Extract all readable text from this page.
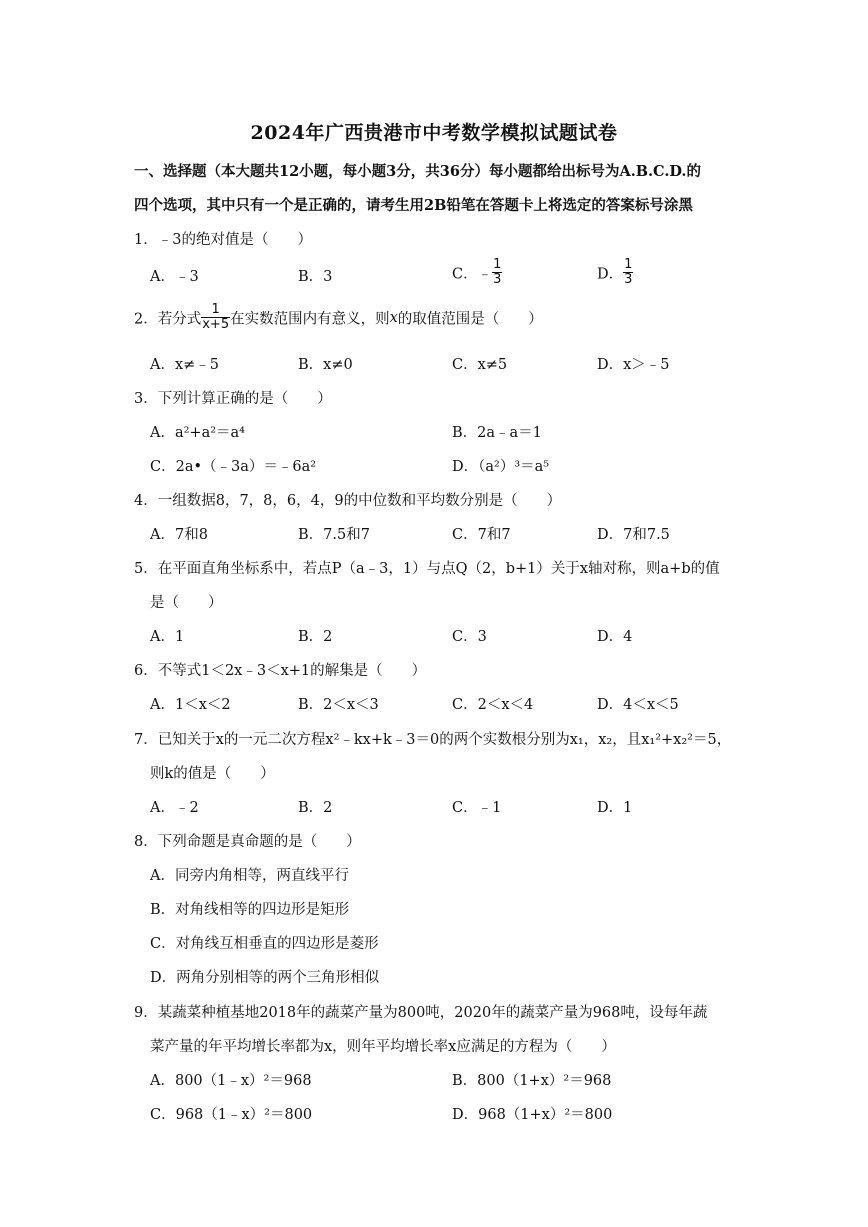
2024年广西贵港市中考数学模拟试题试卷
一、选择题（本大题共12小题，每小题3分，共36分）每小题都给出标号为A.B.C.D.的
四个选项，其中只有一个是正确的，请考生用2B铅笔在答题卡上将选定的答案标号涂黑
1．﹣3的绝对值是（　　）
A．﹣3	B．3	C．﹣ $\frac{1}{3}$	D． $\frac{1}{3}$
2．若分式 $\frac{1}{x+5}$ 在实数范围内有意义，则x的取值范围是（　　）
A．x≠﹣5	B．x≠0	C．x≠5	D．x＞﹣5
3．下列计算正确的是（　　）
A．a²+a²＝a⁴	B．2a﹣a＝1
C．2a•（﹣3a）＝﹣6a²	D．（a²）³＝a⁵
4．一组数据8，7，8，6，4，9的中位数和平均数分别是（　　）
A．7和8	B．7.5和7	C．7和7	D．7和7.5
5．在平面直角坐标系中，若点P（a﹣3，1）与点Q（2，b+1）关于x轴对称，则a+b的值
是（　　）
A．1	B．2	C．3	D．4
6．不等式1＜2x﹣3＜x+1的解集是（　　）
A．1＜x＜2	B．2＜x＜3	C．2＜x＜4	D．4＜x＜5
7．已知关于x的一元二次方程x²﹣kx+k﹣3＝0的两个实数根分别为x₁，x₂，且x₁²+x₂²＝5，
则k的值是（　　）
A．﹣2	B．2	C．﹣1	D．1
8．下列命题是真命题的是（　　）
A．同旁内角相等，两直线平行
B．对角线相等的四边形是矩形
C．对角线互相垂直的四边形是菱形
D．两角分别相等的两个三角形相似
9．某蔬菜种植基地2018年的蔬菜产量为800吨，2020年的蔬菜产量为968吨，设每年蔬
菜产量的年平均增长率都为x，则年平均增长率x应满足的方程为（　　）
A．800（1﹣x）²＝968	B．800（1+x）²＝968
C．968（1﹣x）²＝800	D．968（1+x）²＝800
